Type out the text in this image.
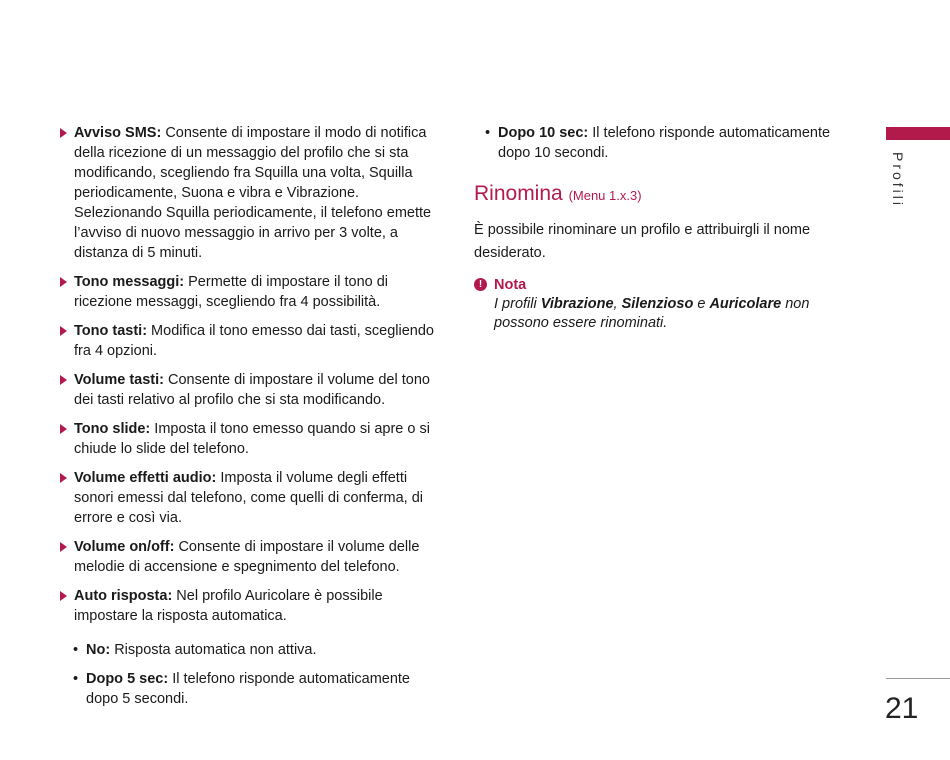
Avviso SMS: Consente di impostare il modo di notifica della ricezione di un messaggio del profilo che si sta modificando, scegliendo fra Squilla una volta, Squilla periodicamente, Suona e vibra e Vibrazione. Selezionando Squilla periodicamente, il telefono emette l’avviso di nuovo messaggio in arrivo per 3 volte, a distanza di 5 minuti.
Tono messaggi: Permette di impostare il tono di ricezione messaggi, scegliendo fra 4 possibilità.
Tono tasti: Modifica il tono emesso dai tasti, scegliendo fra 4 opzioni.
Volume tasti: Consente di impostare il volume del tono dei tasti relativo al profilo che si sta modificando.
Tono slide: Imposta il tono emesso quando si apre o si chiude lo slide del telefono.
Volume effetti audio: Imposta il volume degli effetti sonori emessi dal telefono, come quelli di conferma, di errore e così via.
Volume on/off: Consente di impostare il volume delle melodie di accensione e spegnimento del telefono.
Auto risposta: Nel profilo Auricolare è possibile impostare la risposta automatica.
• No: Risposta automatica non attiva.
• Dopo 5 sec: Il telefono risponde automaticamente dopo 5 secondi.
• Dopo 10 sec: Il telefono risponde automaticamente dopo 10 secondi.
Rinomina (Menu 1.x.3)
È possibile rinominare un profilo e attribuirgli il nome desiderato.
! Nota
I profili Vibrazione, Silenzioso e Auricolare non possono essere rinominati.
Profili
21
